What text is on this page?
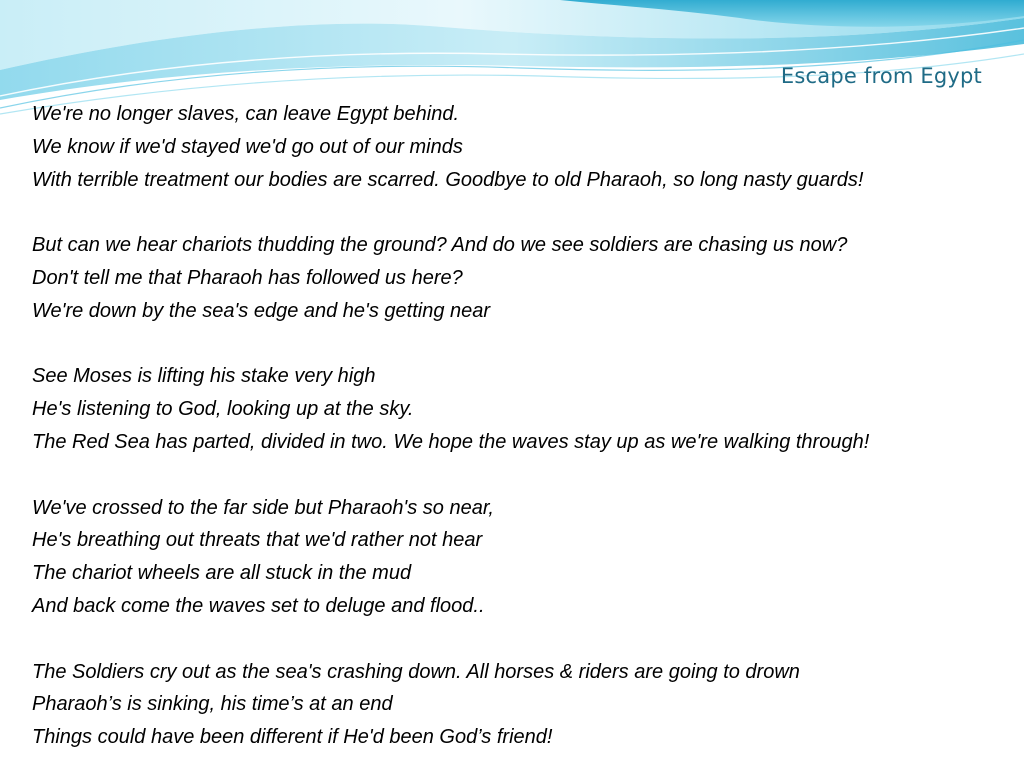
Escape from Egypt
We're no longer slaves, can leave Egypt behind.
We know if we'd stayed we'd go out of our minds
With terrible treatment our bodies are scarred. Goodbye to old Pharaoh, so long nasty guards!
But can we hear chariots thudding the ground? And do we see soldiers are chasing us now?
Don't tell me that Pharaoh has followed us here?
We're down by the sea's edge and he's getting near
See Moses is lifting his stake very high
He's listening to God, looking up at the sky.
The Red Sea has parted, divided in two. We hope the waves stay up as we're walking through!
We've crossed to the far side but Pharaoh's so near,
He's breathing out threats that we'd rather not hear
The chariot wheels are all stuck in the mud
And back come the waves set to deluge and flood..
The Soldiers cry out as the sea's crashing down. All horses & riders are going to drown
Pharaoh’s is sinking, his time’s at an end
Things could have been different if He'd been God’s friend!
